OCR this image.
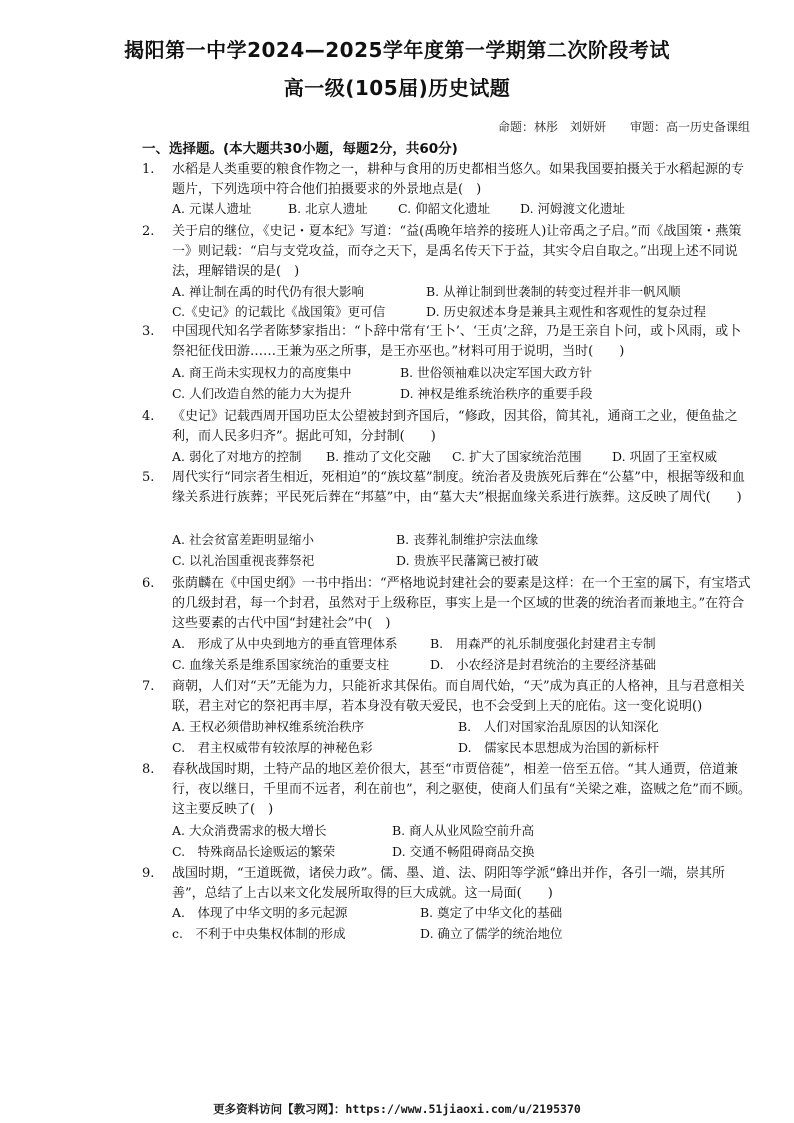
揭阳第一中学2024—2025学年度第一学期第二次阶段考试
高一级(105届)历史试题
命题：林彤　刘妍妍　　审题：高一历史备课组
一、选择题。(本大题共30小题，每题2分，共60分)
1.	水稻是人类重要的粮食作物之一，耕种与食用的历史都相当悠久。如果我国要拍摄关于水稻起源的专题片，下列选项中符合他们拍摄要求的外景地点是(　)
A. 元谋人遗址	B. 北京人遗址 C. 仰韶文化遗址 D. 河姆渡文化遗址
2.	关于启的继位，《史记・夏本纪》写道：“益(禹晚年培养的接班人)让帝禹之子启。”而《战国策・燕策一》则记载：“启与支党攻益，而夺之天下，是禹名传天下于益，其实令启自取之。”出现上述不同说法，理解错误的是(　)
A. 禅让制在禹的时代仍有很大影响	B. 从禅让制到世袭制的转变过程并非一帆风顺
C.《史记》的记载比《战国策》更可信	D. 历史叙述本身是兼具主观性和客观性的复杂过程
3.	中国现代知名学者陈梦家指出：“卜辞中常有‘王卜’、‘王贞’之辞，乃是王亲自卜问，或卜风雨，或卜祭祀征伐田游……王兼为巫之所事，是王亦巫也。”材料可用于说明，当时(　　)
A. 商王尚未实现权力的高度集中	B. 世俗领袖难以决定军国大政方针
C. 人们改造自然的能力大为提升	D. 神权是维系统治秩序的重要手段
4.	《史记》记载西周开国功臣太公望被封到齐国后，“修政，因其俗，简其礼，通商工之业，便鱼盐之利，而人民多归齐”。据此可知，分封制(　　)
A. 弱化了对地方的控制 B. 推动了文化交融 C. 扩大了国家统治范围 D. 巩固了王室权威
5.	周代实行“同宗者生相近，死相迫”的“族坟墓”制度。统治者及贵族死后葬在“公墓”中，根据等级和血缘关系进行族葬；平民死后葬在“邦墓”中，由“墓大夫”根据血缘关系进行族葬。这反映了周代(　　)
A. 社会贫富差距明显缩小	B. 丧葬礼制维护宗法血缘
C. 以礼治国重视丧葬祭祀	D. 贵族平民藩篱已被打破
6.	张荫麟在《中国史纲》一书中指出：“严格地说封建社会的要素是这样：在一个王室的属下，有宝塔式的几级封君，每一个封君，虽然对于上级称臣，事实上是一个区域的世袭的统治者而兼地主。”在符合这些要素的古代中国“封建社会”中(　)
A.　形成了从中央到地方的垂直管理体系	B.　用森严的礼乐制度强化封建君主专制
C. 血缘关系是维系国家统治的重要支柱	D.　小农经济是封君统治的主要经济基础
7.	商朝，人们对“天”无能为力，只能祈求其保佑。而自周代始，“天”成为真正的人格神，且与君意相关联，君主对它的祭祀再丰厚，若本身没有敬天爱民，也不会受到上天的庇佑。这一变化说明()
A. 王权必须借助神权维系统治秩序	B.　人们对国家治乱原因的认知深化
C.　君主权威带有较浓厚的神秘色彩	D.　儒家民本思想成为治国的新标杆
8.	春秋战国时期，土特产品的地区差价很大，甚至“市贾倍蓰”，相差一倍至五倍。“其人通贾，倍道兼行，夜以继日，千里而不远者，利在前也”，利之驱使，使商人们虽有“关梁之难，盗贼之危”而不顾。这主要反映了(　)
A. 大众消费需求的极大增长	B. 商人从业风险空前升高
C.　特殊商品长途贩运的繁荣	D. 交通不畅阻碍商品交换
9.	战国时期，“王道既微，诸侯力政”。儒、墨、道、法、阴阳等学派“蜂出并作，各引一端，崇其所善”，总结了上古以来文化发展所取得的巨大成就。这一局面(　　)
A.　体现了中华文明的多元起源	B. 奠定了中华文化的基础
c.　不利于中央集权体制的形成	D. 确立了儒学的统治地位
更多资料访问【教习网】：https://www.51jiaoxi.com/u/2195370
